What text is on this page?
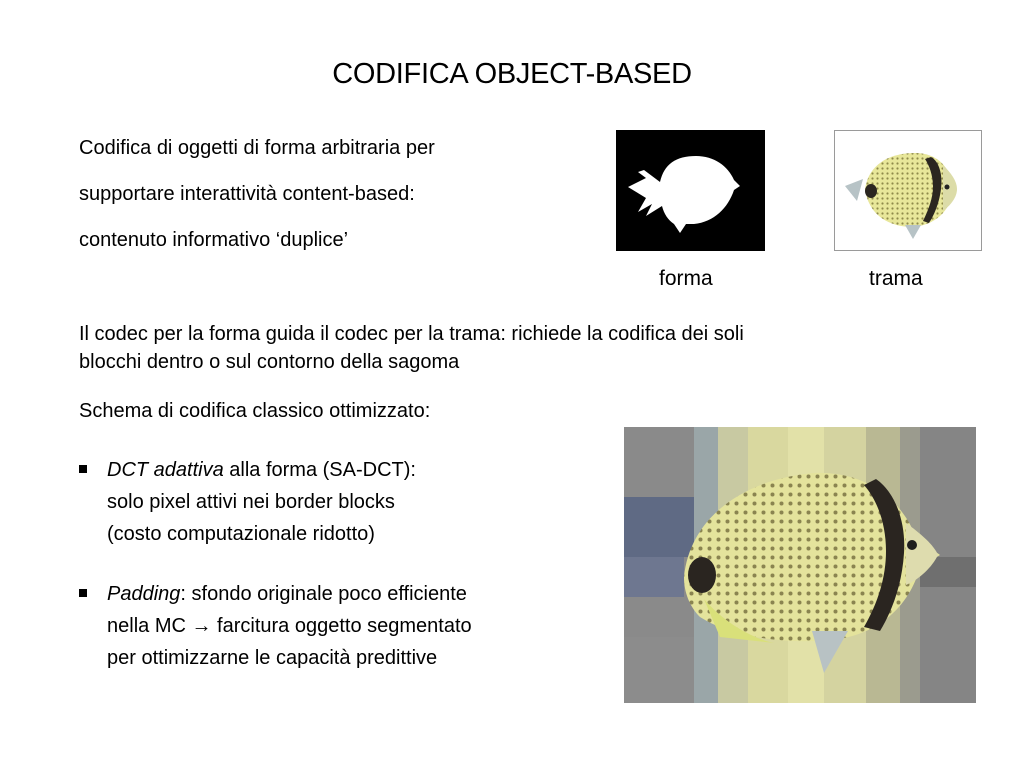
CODIFICA OBJECT-BASED
Codifica di oggetti di forma arbitraria per
supportare interattività content-based:
contenuto informativo ‘duplice’
forma	trama
Il codec per la forma guida il codec per la trama: richiede la codifica dei soli
blocchi dentro o sul contorno della sagoma
Schema di codifica classico ottimizzato:
DCT adattiva alla forma (SA-DCT):
solo pixel attivi nei border blocks
(costo computazionale ridotto)
Padding: sfondo originale poco efficiente
nella MC → farcitura oggetto segmentato
per ottimizzarne le capacità predittive
